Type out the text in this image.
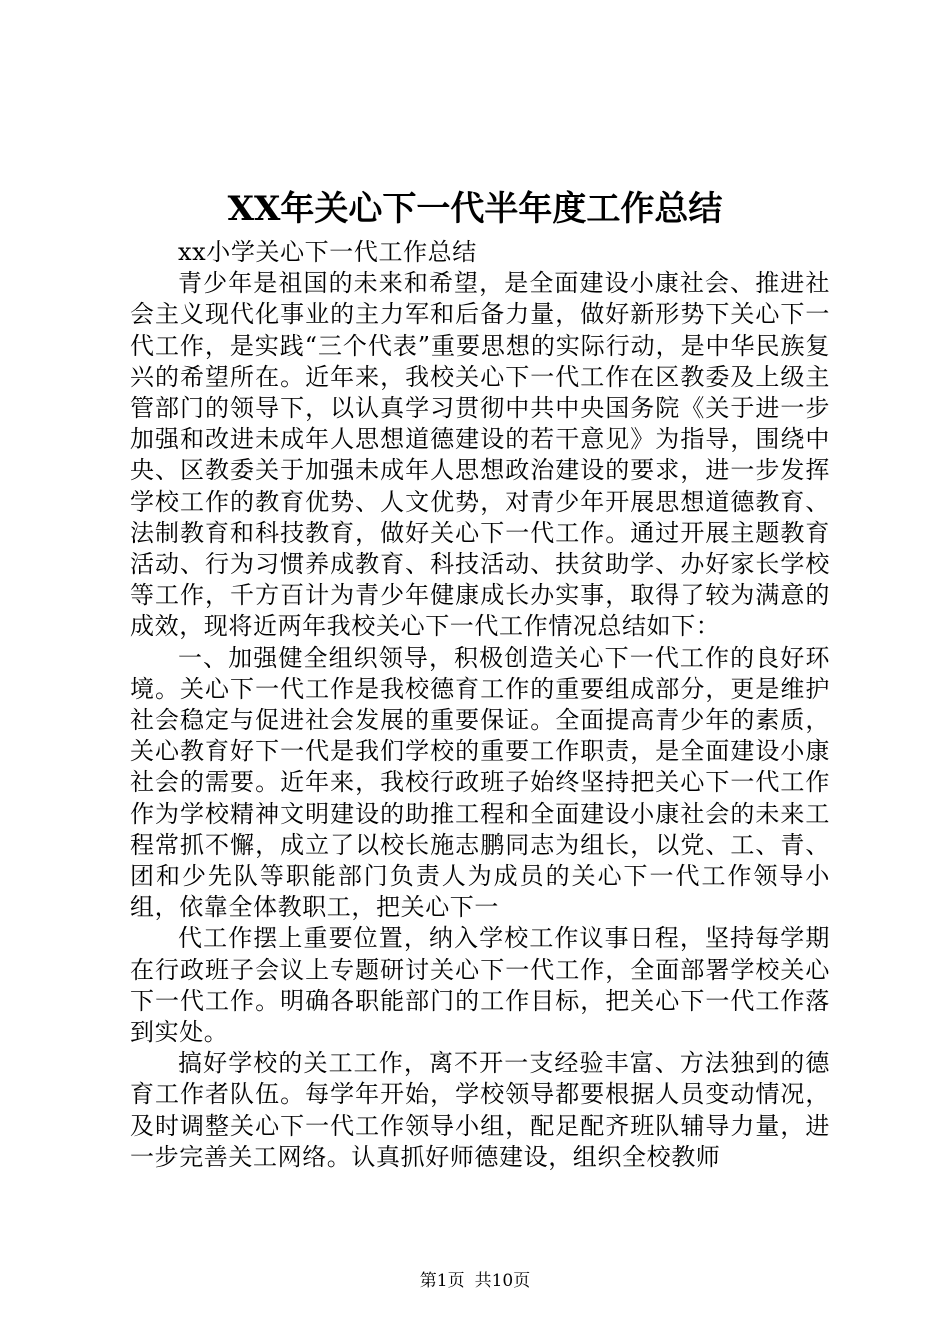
XX年关心下一代半年度工作总结

xx小学关心下一代工作总结

青少年是祖国的未来和希望，是全面建设小康社会、推进社会主义现代化事业的主力军和后备力量，做好新形势下关心下一代工作，是实践“三个代表”重要思想的实际行动，是中华民族复兴的希望所在。近年来，我校关心下一代工作在区教委及上级主管部门的领导下，以认真学习贯彻中共中央国务院《关于进一步加强和改进未成年人思想道德建设的若干意见》为指导，围绕中央、区教委关于加强未成年人思想政治建设的要求，进一步发挥学校工作的教育优势、人文优势，对青少年开展思想道德教育、法制教育和科技教育，做好关心下一代工作。通过开展主题教育活动、行为习惯养成教育、科技活动、扶贫助学、办好家长学校等工作，千方百计为青少年健康成长办实事，取得了较为满意的成效，现将近两年我校关心下一代工作情况总结如下：

一、加强健全组织领导，积极创造关心下一代工作的良好环境。关心下一代工作是我校德育工作的重要组成部分，更是维护社会稳定与促进社会发展的重要保证。全面提高青少年的素质，关心教育好下一代是我们学校的重要工作职责，是全面建设小康社会的需要。近年来，我校行政班子始终坚持把关心下一代工作作为学校精神文明建设的助推工程和全面建设小康社会的未来工程常抓不懈，成立了以校长施志鹏同志为组长，以党、工、青、团和少先队等职能部门负责人为成员的关心下一代工作领导小组，依靠全体教职工，把关心下一

代工作摆上重要位置，纳入学校工作议事日程，坚持每学期在行政班子会议上专题研讨关心下一代工作，全面部署学校关心下一代工作。明确各职能部门的工作目标，把关心下一代工作落到实处。

搞好学校的关工工作，离不开一支经验丰富、方法独到的德育工作者队伍。每学年开始，学校领导都要根据人员变动情况，及时调整关心下一代工作领导小组，配足配齐班队辅导力量，进一步完善关工网络。认真抓好师德建设，组织全校教师

第1页 共10页
